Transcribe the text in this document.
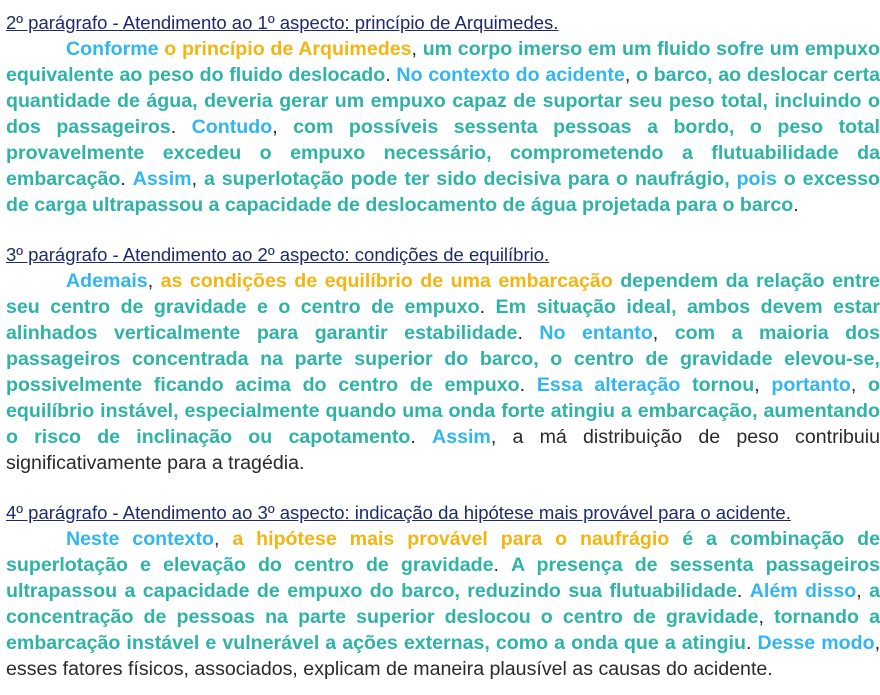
2º parágrafo - Atendimento ao 1º aspecto: princípio de Arquimedes.

Conforme o princípio de Arquimedes, um corpo imerso em um fluido sofre um empuxo equivalente ao peso do fluido deslocado. No contexto do acidente, o barco, ao deslocar certa quantidade de água, deveria gerar um empuxo capaz de suportar seu peso total, incluindo o dos passageiros. Contudo, com possíveis sessenta pessoas a bordo, o peso total provavelmente excedeu o empuxo necessário, comprometendo a flutuabilidade da embarcação. Assim, a superlotação pode ter sido decisiva para o naufrágio, pois o excesso de carga ultrapassou a capacidade de deslocamento de água projetada para o barco.

3º parágrafo - Atendimento ao 2º aspecto: condições de equilíbrio.

Ademais, as condições de equilíbrio de uma embarcação dependem da relação entre seu centro de gravidade e o centro de empuxo. Em situação ideal, ambos devem estar alinhados verticalmente para garantir estabilidade. No entanto, com a maioria dos passageiros concentrada na parte superior do barco, o centro de gravidade elevou-se, possivelmente ficando acima do centro de empuxo. Essa alteração tornou, portanto, o equilíbrio instável, especialmente quando uma onda forte atingiu a embarcação, aumentando o risco de inclinação ou capotamento. Assim, a má distribuição de peso contribuiu significativamente para a tragédia.

4º parágrafo - Atendimento ao 3º aspecto: indicação da hipótese mais provável para o acidente.

Neste contexto, a hipótese mais provável para o naufrágio é a combinação de superlotação e elevação do centro de gravidade. A presença de sessenta passageiros ultrapassou a capacidade de empuxo do barco, reduzindo sua flutuabilidade. Além disso, a concentração de pessoas na parte superior deslocou o centro de gravidade, tornando a embarcação instável e vulnerável a ações externas, como a onda que a atingiu. Desse modo, esses fatores físicos, associados, explicam de maneira plausível as causas do acidente.
